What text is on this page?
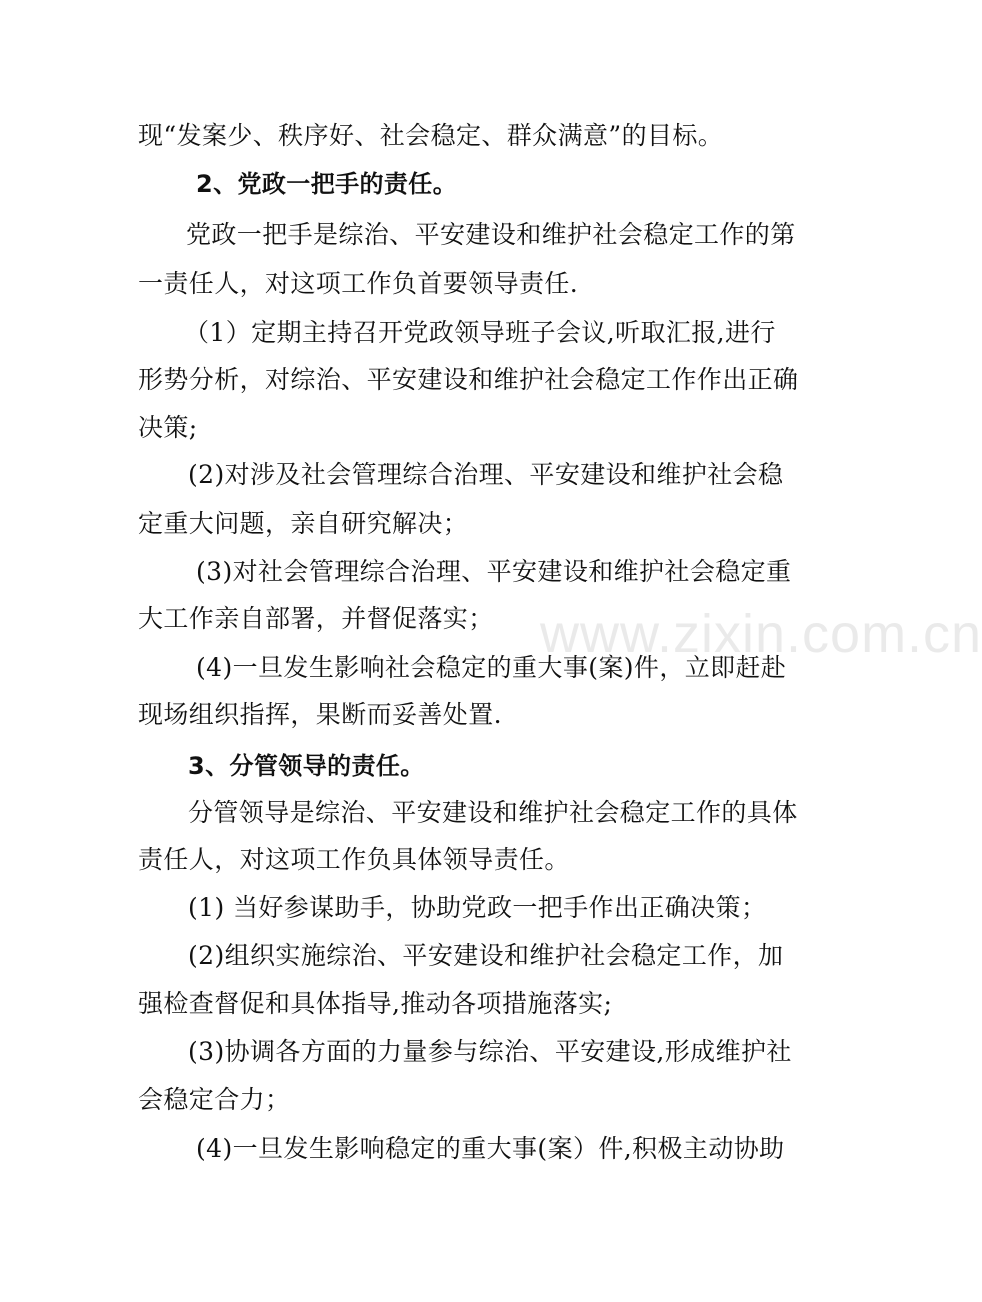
现“发案少、秩序好、社会稳定、群众满意”的目标。
2、党政一把手的责任。
党政一把手是综治、平安建设和维护社会稳定工作的第
一责任人，对这项工作负首要领导责任.
（1）定期主持召开党政领导班子会议,听取汇报,进行
形势分析，对综治、平安建设和维护社会稳定工作作出正确
决策;
(2)对涉及社会管理综合治理、平安建设和维护社会稳
定重大问题，亲自研究解决；
(3)对社会管理综合治理、平安建设和维护社会稳定重
大工作亲自部署，并督促落实；
(4)一旦发生影响社会稳定的重大事(案)件，立即赶赴
现场组织指挥，果断而妥善处置.
3、分管领导的责任。
分管领导是综治、平安建设和维护社会稳定工作的具体
责任人，对这项工作负具体领导责任。
(1) 当好参谋助手，协助党政一把手作出正确决策；
(2)组织实施综治、平安建设和维护社会稳定工作，加
强检查督促和具体指导,推动各项措施落实;
(3)协调各方面的力量参与综治、平安建设,形成维护社
会稳定合力；
(4)一旦发生影响稳定的重大事(案）件,积极主动协助
www.zixin.com.cn
